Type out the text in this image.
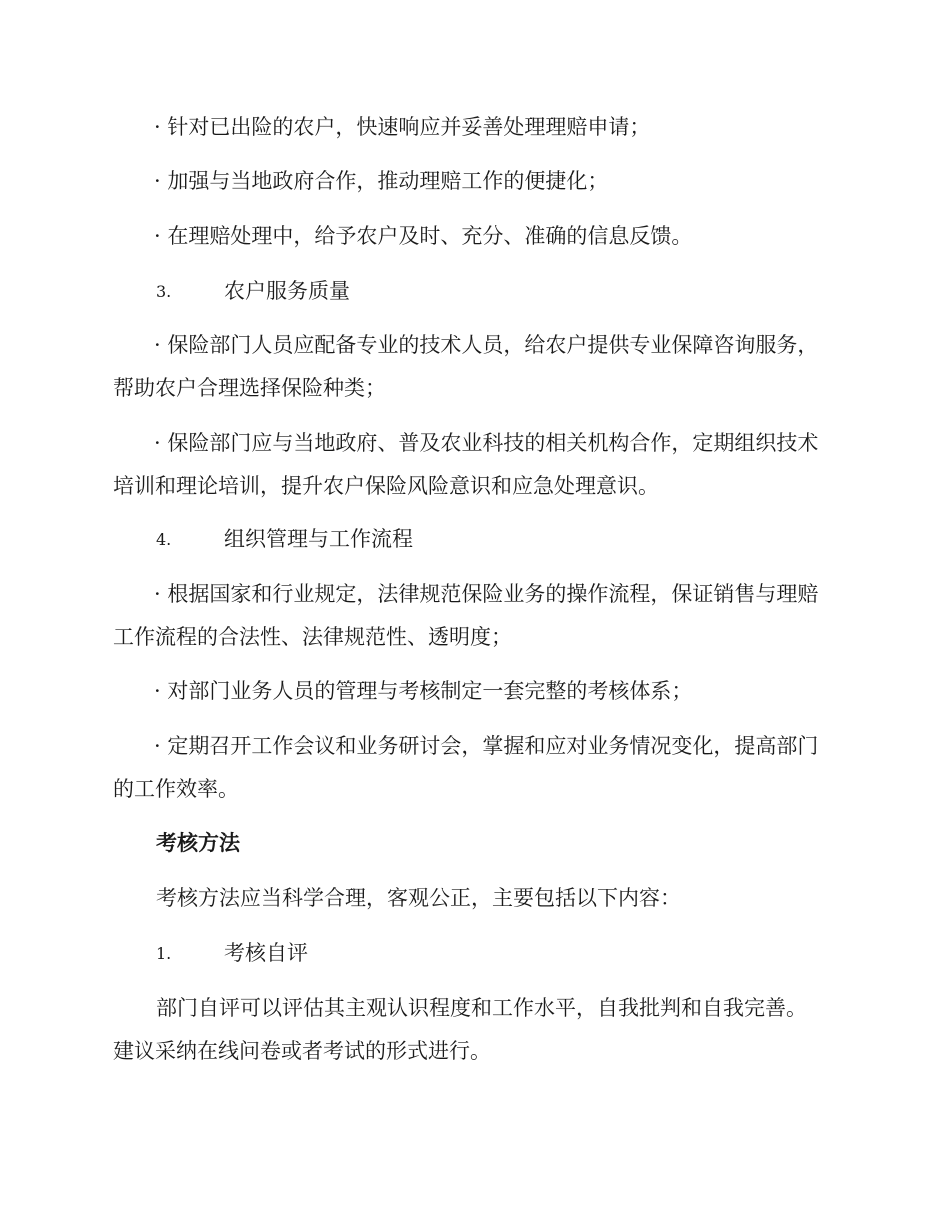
· 针对已出险的农户，快速响应并妥善处理理赔申请；

· 加强与当地政府合作，推动理赔工作的便捷化；

· 在理赔处理中，给予农户及时、充分、准确的信息反馈。

3.	农户服务质量

· 保险部门人员应配备专业的技术人员，给农户提供专业保障咨询服务，帮助农户合理选择保险种类；

· 保险部门应与当地政府、普及农业科技的相关机构合作，定期组织技术培训和理论培训，提升农户保险风险意识和应急处理意识。

4.	组织管理与工作流程

· 根据国家和行业规定，法律规范保险业务的操作流程，保证销售与理赔工作流程的合法性、法律规范性、透明度；

· 对部门业务人员的管理与考核制定一套完整的考核体系；

· 定期召开工作会议和业务研讨会，掌握和应对业务情况变化，提高部门的工作效率。

考核方法

考核方法应当科学合理，客观公正，主要包括以下内容：

1.	考核自评

部门自评可以评估其主观认识程度和工作水平，自我批判和自我完善。建议采纳在线问卷或者考试的形式进行。
